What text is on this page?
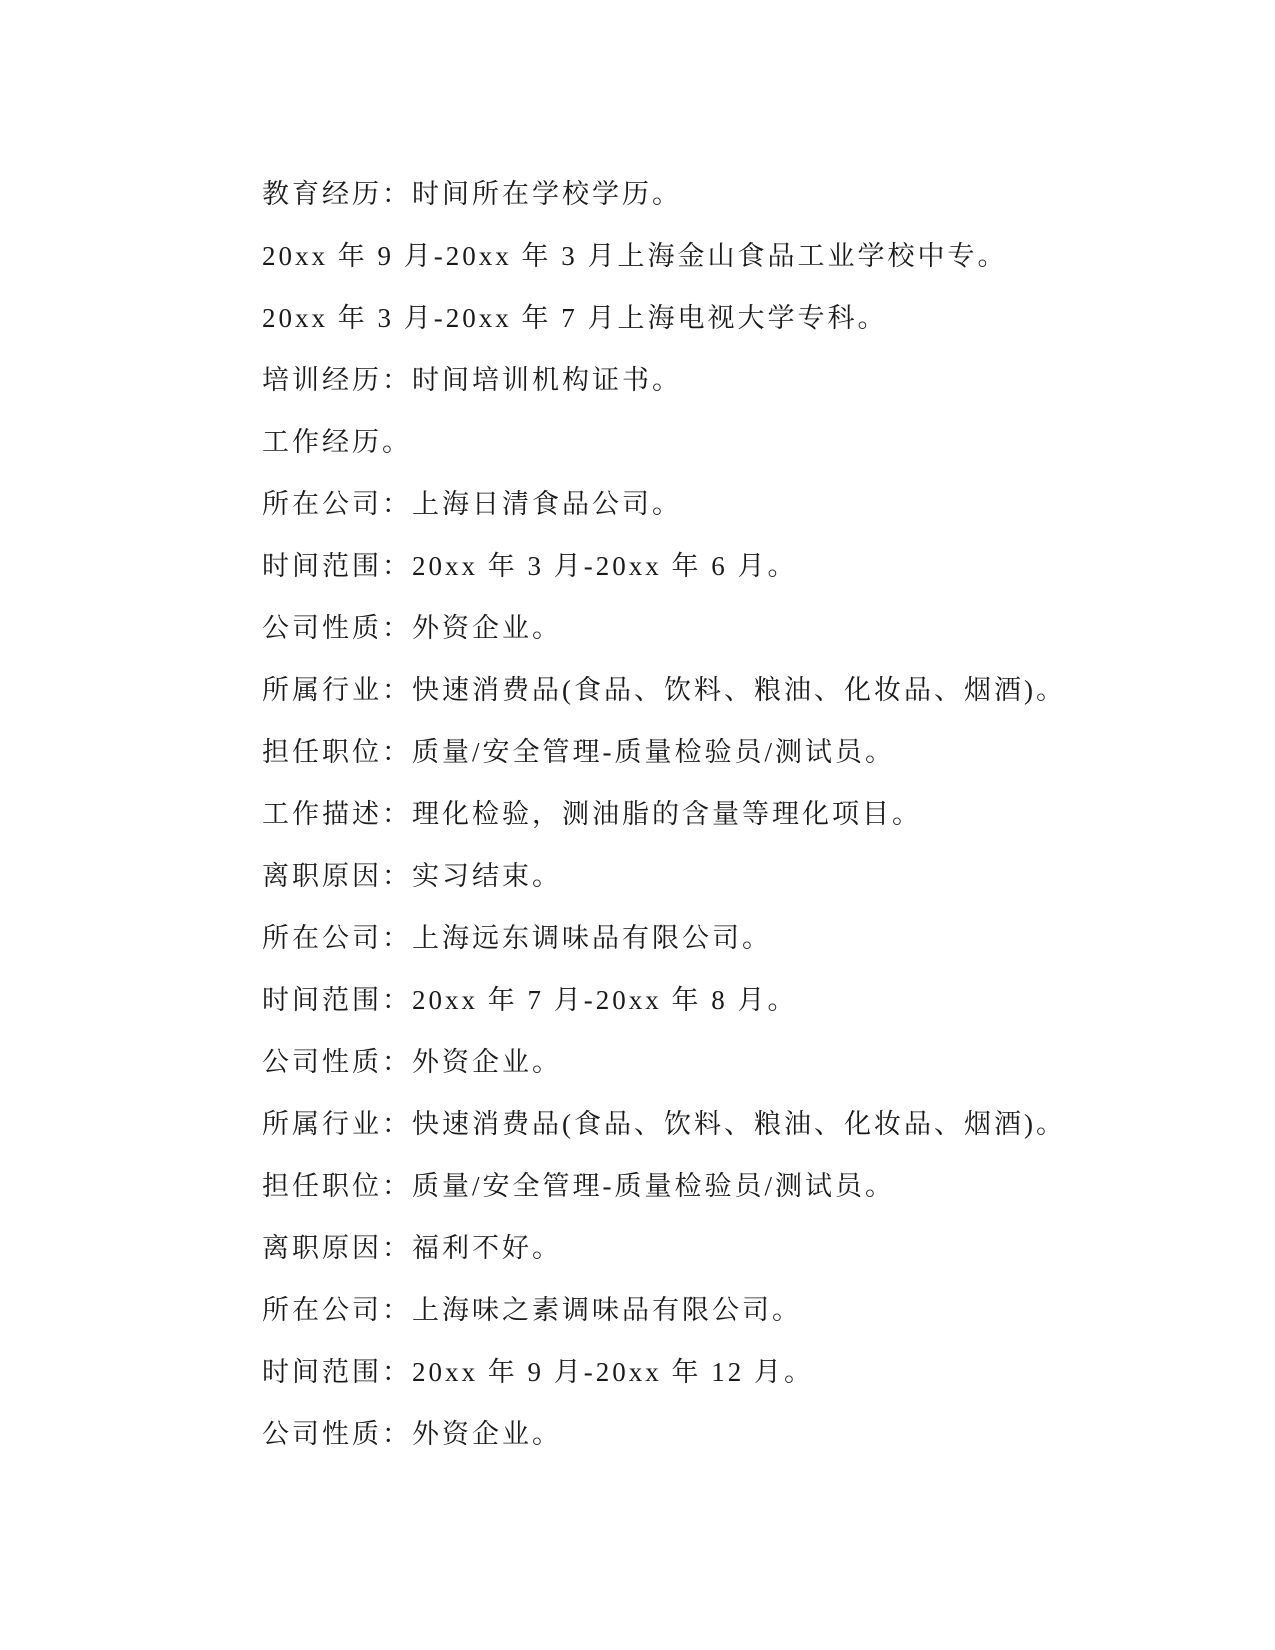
教育经历：时间所在学校学历。
20xx 年 9 月-20xx 年 3 月上海金山食品工业学校中专。
20xx 年 3 月-20xx 年 7 月上海电视大学专科。
培训经历：时间培训机构证书。
工作经历。
所在公司：上海日清食品公司。
时间范围：20xx 年 3 月-20xx 年 6 月。
公司性质：外资企业。
所属行业：快速消费品(食品、饮料、粮油、化妆品、烟酒)。
担任职位：质量/安全管理-质量检验员/测试员。
工作描述：理化检验，测油脂的含量等理化项目。
离职原因：实习结束。
所在公司：上海远东调味品有限公司。
时间范围：20xx 年 7 月-20xx 年 8 月。
公司性质：外资企业。
所属行业：快速消费品(食品、饮料、粮油、化妆品、烟酒)。
担任职位：质量/安全管理-质量检验员/测试员。
离职原因：福利不好。
所在公司：上海味之素调味品有限公司。
时间范围：20xx 年 9 月-20xx 年 12 月。
公司性质：外资企业。
